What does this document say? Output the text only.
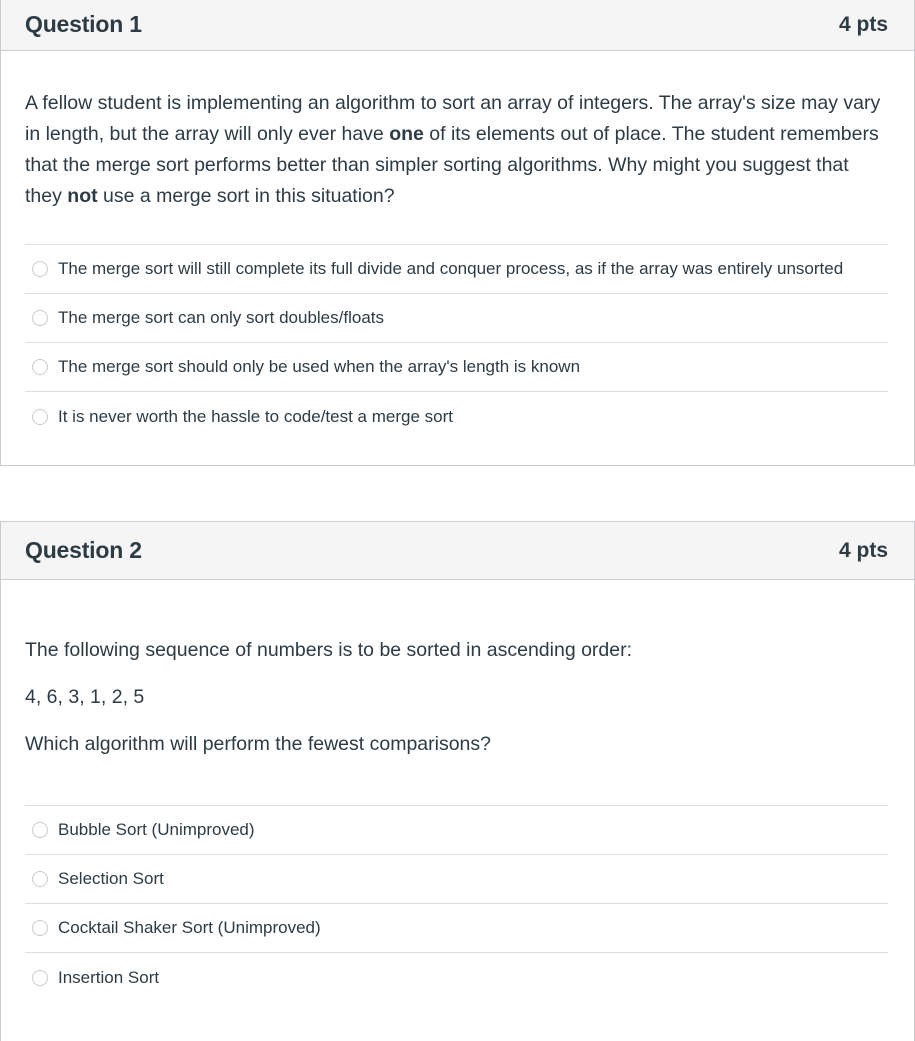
Question 1	4 pts
A fellow student is implementing an algorithm to sort an array of integers. The array's size may vary in length, but the array will only ever have one of its elements out of place. The student remembers that the merge sort performs better than simpler sorting algorithms. Why might you suggest that they not use a merge sort in this situation?
The merge sort will still complete its full divide and conquer process, as if the array was entirely unsorted
The merge sort can only sort doubles/floats
The merge sort should only be used when the array's length is known
It is never worth the hassle to code/test a merge sort
Question 2	4 pts

The following sequence of numbers is to be sorted in ascending order:

4, 6, 3, 1, 2, 5

Which algorithm will perform the fewest comparisons?

Bubble Sort (Unimproved)
Selection Sort
Cocktail Shaker Sort (Unimproved)
Insertion Sort
